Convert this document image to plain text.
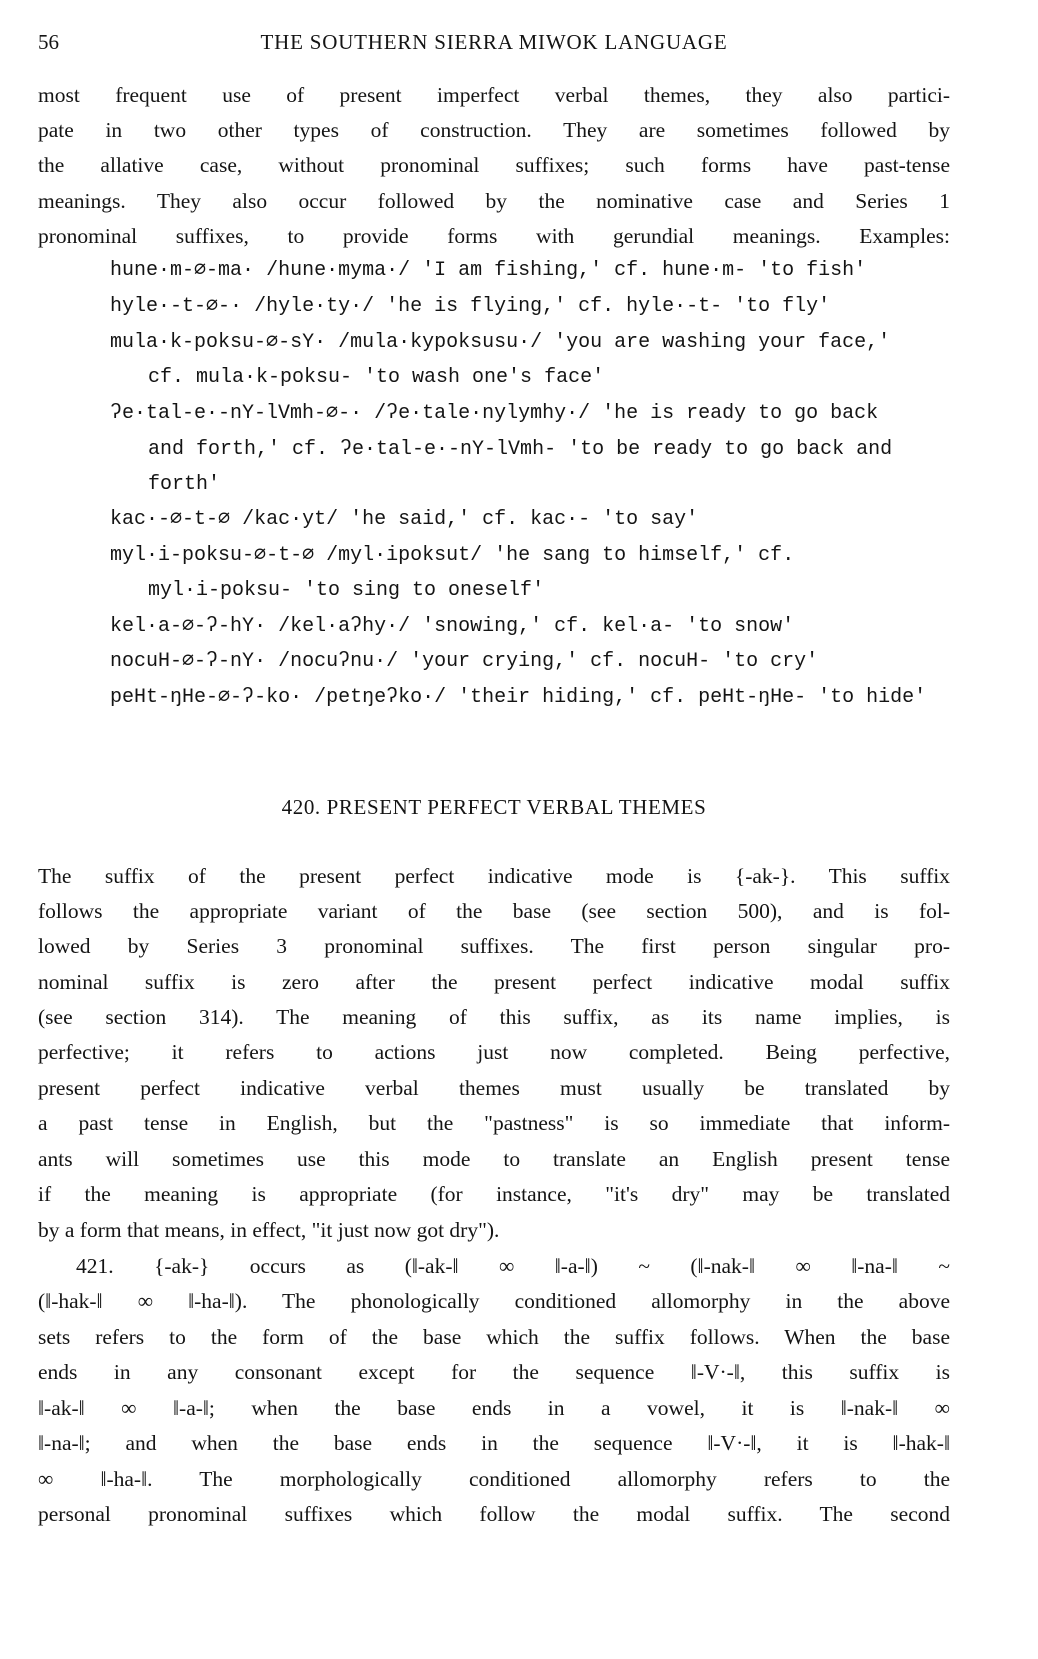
56	THE SOUTHERN SIERRA MIWOK LANGUAGE
most frequent use of present imperfect verbal themes, they also partici-
pate in two other types of construction. They are sometimes followed by
the allative case, without pronominal suffixes; such forms have past-tense
meanings. They also occur followed by the nominative case and Series 1
pronominal suffixes, to provide forms with gerundial meanings. Examples:
hune·m-∅-ma· /hune·myma·/ 'I am fishing,' cf. hune·m- 'to fish'
hyle·-t-∅-· /hyle·ty·/ 'he is flying,' cf. hyle·-t- 'to fly'
mula·k-poksu-∅-sY· /mula·kypoksusu·/ 'you are washing your face,'
cf. mula·k-poksu- 'to wash one's face'
ʔe·tal-e·-nY-lVmh-∅-· /ʔe·tale·nylymhy·/ 'he is ready to go back
and forth,' cf. ʔe·tal-e·-nY-lVmh- 'to be ready to go back and
forth'
kac·-∅-t-∅ /kac·yt/ 'he said,' cf. kac·- 'to say'
myl·i-poksu-∅-t-∅ /myl·ipoksut/ 'he sang to himself,' cf.
myl·i-poksu- 'to sing to oneself'
kel·a-∅-ʔ-hY· /kel·aʔhy·/ 'snowing,' cf. kel·a- 'to snow'
nocuH-∅-ʔ-nY· /nocuʔnu·/ 'your crying,' cf. nocuH- 'to cry'
peHt-ŋHe-∅-ʔ-ko· /petŋeʔko·/ 'their hiding,' cf. peHt-ŋHe- 'to hide'
420. PRESENT PERFECT VERBAL THEMES
The suffix of the present perfect indicative mode is {-ak-}. This suffix
follows the appropriate variant of the base (see section 500), and is fol-
lowed by Series 3 pronominal suffixes. The first person singular pro-
nominal suffix is zero after the present perfect indicative modal suffix
(see section 314). The meaning of this suffix, as its name implies, is
perfective; it refers to actions just now completed. Being perfective,
present perfect indicative verbal themes must usually be translated by
a past tense in English, but the "pastness" is so immediate that inform-
ants will sometimes use this mode to translate an English present tense
if the meaning is appropriate (for instance, "it's dry" may be translated
by a form that means, in effect, "it just now got dry").
421. {-ak-} occurs as (‖-ak-‖ ∞ ‖-a-‖) ~ (‖-nak-‖ ∞ ‖-na-‖ ~
(‖-hak-‖ ∞ ‖-ha-‖). The phonologically conditioned allomorphy in the above
sets refers to the form of the base which the suffix follows. When the base
ends in any consonant except for the sequence ‖-V·-‖, this suffix is
‖-ak-‖ ∞ ‖-a-‖; when the base ends in a vowel, it is ‖-nak-‖ ∞
‖-na-‖; and when the base ends in the sequence ‖-V·-‖, it is ‖-hak-‖
∞ ‖-ha-‖. The morphologically conditioned allomorphy refers to the
personal pronominal suffixes which follow the modal suffix. The second
